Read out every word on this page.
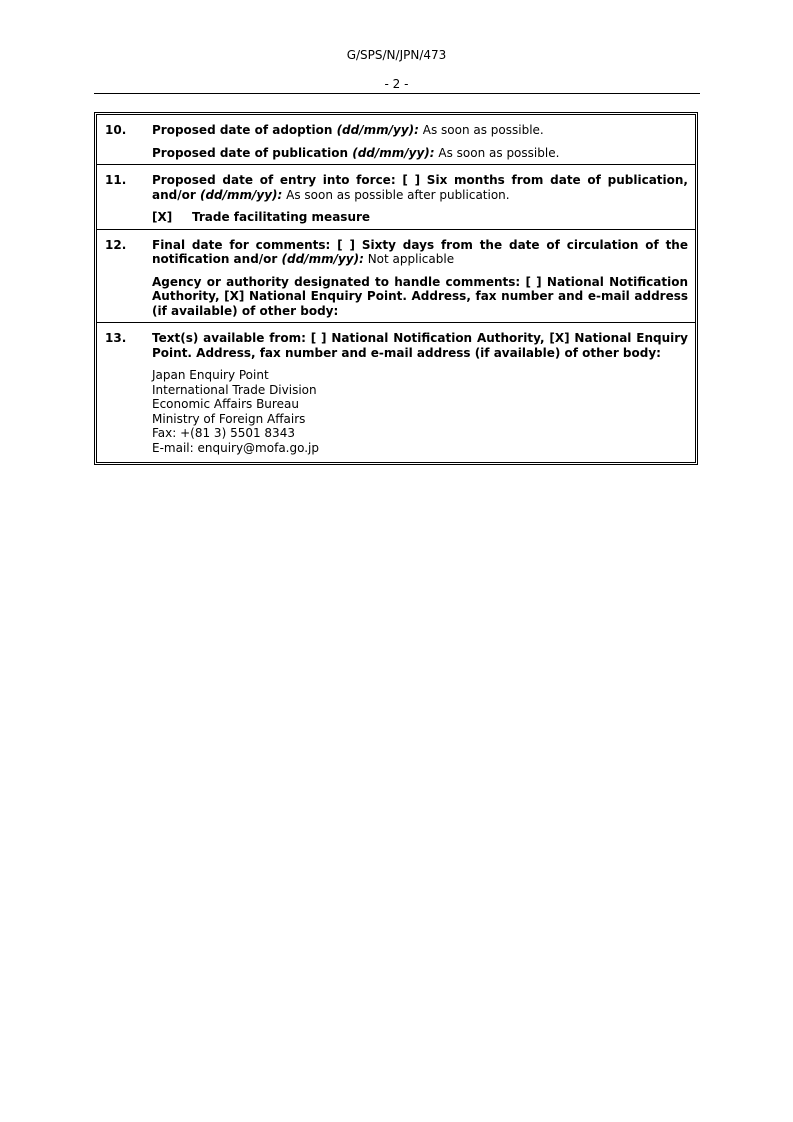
G/SPS/N/JPN/473
- 2 -
10.	Proposed date of adoption (dd/mm/yy): As soon as possible.

Proposed date of publication (dd/mm/yy): As soon as possible.

11.	Proposed date of entry into force: [ ] Six months from date of publication, and/or (dd/mm/yy): As soon as possible after publication.

[X] Trade facilitating measure

12.	Final date for comments: [ ] Sixty days from the date of circulation of the notification and/or (dd/mm/yy): Not applicable

Agency or authority designated to handle comments: [ ] National Notification Authority, [X] National Enquiry Point. Address, fax number and e-mail address (if available) of other body:

13.	Text(s) available from: [ ] National Notification Authority, [X] National Enquiry Point. Address, fax number and e-mail address (if available) of other body:

Japan Enquiry Point
International Trade Division
Economic Affairs Bureau
Ministry of Foreign Affairs
Fax: +(81 3) 5501 8343
E-mail: enquiry@mofa.go.jp
